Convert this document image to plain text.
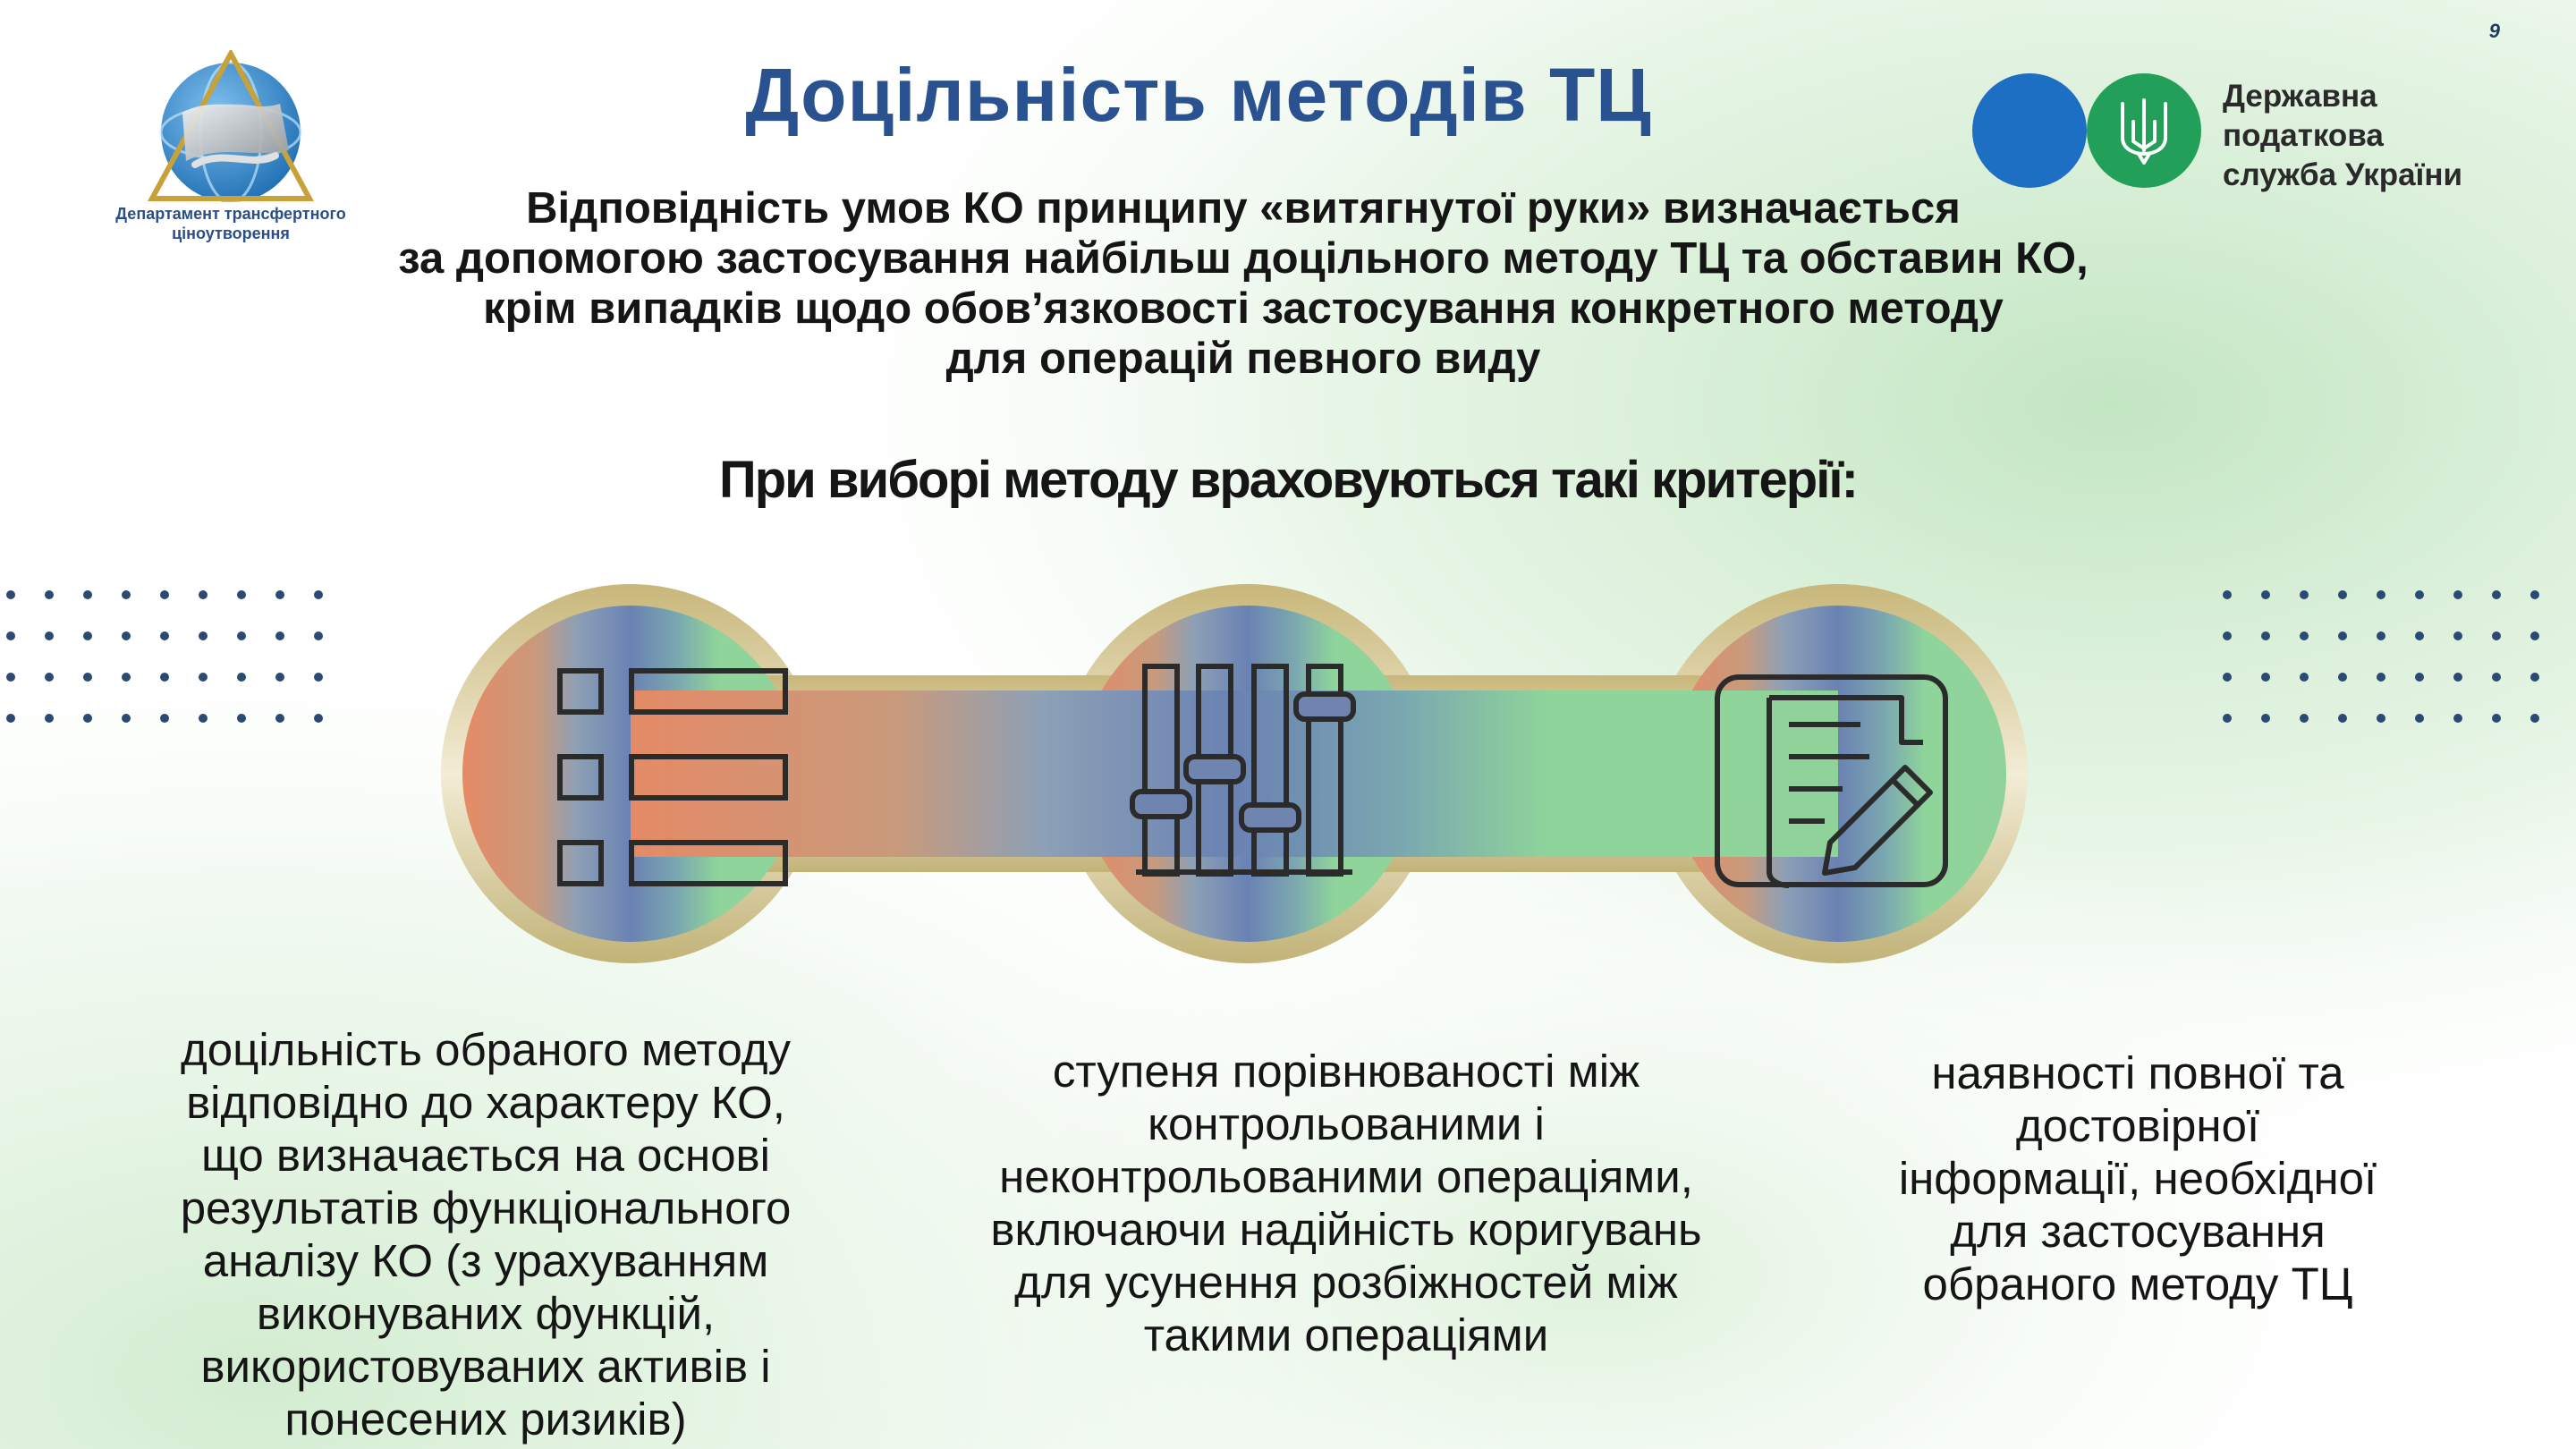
9
Департамент трансфертного
ціноутворення
Доцільність методів ТЦ	Державна
податкова
служба України
Відповідність умов КО принципу «витягнутої руки» визначається
за допомогою застосування найбільш доцільного методу ТЦ та обставин КО,
крім випадків щодо обов’язковості застосування конкретного методу
для операцій певного виду
При виборі методу враховуються такі критерії:
доцільність обраного методу
відповідно до характеру КО,
що визначається на основі
результатів функціонального
аналізу КО (з урахуванням
виконуваних функцій,
використовуваних активів і
понесених ризиків)
ступеня порівнюваності між
контрольованими і
неконтрольованими операціями,
включаючи надійність коригувань
для усунення розбіжностей між
такими операціями
наявності повної та
достовірної
інформації, необхідної
для застосування
обраного методу ТЦ
